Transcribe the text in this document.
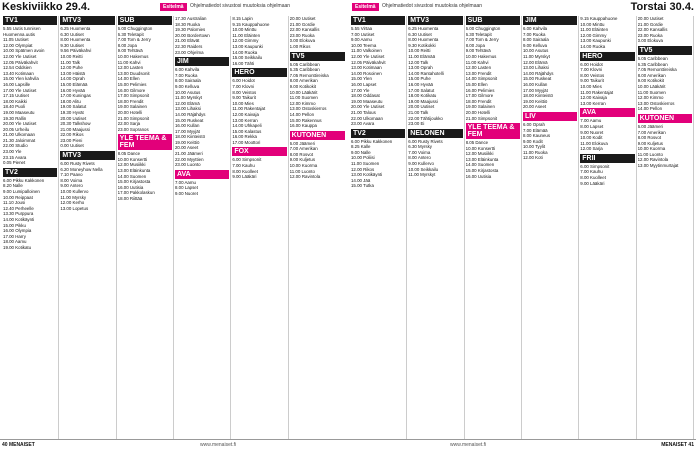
Keskiviikko 29.4.	Esitelmä	Ohjelmatiedot sivustosi muutoksia ohjelmaan	Esitelmä	Ohjelmatiedot sivustosi muutoksia ohjelmaan	Torstai 30.4.
TV1
5.55 Uutis tunnisen
Huomenna.uutis
11.05 Uutiset
12.00 Olympiat
10.00 Spätmen avoin
12.00 Yle Uutiset
12.05 Päiväkahvit
12.54 Oddsien
13.40 Kotimaan
15.00 Ylen kahvila
16.00 Lapsille
17.00 Yle Uutiset
17.15 Uutiset
18.00 Kaikki
18.40 Puoli
19.00 Maaseutu
19.30 Rallin
20.00 Yle Uutiset
20.05 Urheilu
21.00 Ulkomaan
21.30 Jaloimmat
22.00 Studio
23.00 Yle
23.15 Avara
0.05 Pienet
TV2
6.00 Pikku Kakkonen
8.20 Nalle
9.00 Lumipalloinen
10.00 Reippaat
11.10 Jousi
12.40 Perheelle
13.30 Purppura
14.00 Kotikäynti
15.00 Pikku
16.00 Olympia
17.00 Harry
18.00 Aamu
19.00 Kotikatu
MTV3
6.25 Huomenta
6.30 Uutiset
8.00 Huomenta
9.30 Uutiset
9.56 Päiväkahvi
10.00 Reitti
11.00 Talk
12.00 Puhe
13.00 Häistä
14.00 Oprah
15.00 Elämää
16.00 Hyvää
17.00 Kuningas
18.00 Alitu
19.00 Salatut
19.30 Hyvät
20.00 Uutiset
20.30 Talkshow
21.00 Maajussi
22.00 Rikos
23.00 Pieni
0.00 Uutiset
MTV3
6.00 Rusty Rivets
6.20 Moneyhow Nella
7.10 Paavo
8.00 Voima
9.00 Antero
10.00 Kullervo
11.00 Myrsky
12.00 Kerho
13.00 Lopetus
SUB
6.00 Chuggington
6.30 Teletapit
7.00 Tom & Jerry
8.00 Jopa
9.00 Tehtävä
10.00 Hakemus
11.00 Kahvi
12.00 Lasten
13.00 Duudsonit
14.00 Ellen
15.00 Pelimies
16.00 Gilmore
17.00 Simpsonit
18.00 Frendit
19.00 Salainen
20.00 Hotelli
21.00 Simpsonit
22.00 Sarja
23.00 Sopranos
YLE TEEMA & FEM
8.05 Dance
10.00 Konsertti
12.00 Musiikki
13.00 Eläinkunta
14.00 Suomen
15.00 Kirjastosta
16.00 Uutisia
17.00 Pakkolaskun
18.00 Riittää
17.30 Australian
18.30 Ruoka
19.30 Palomies
20.00 Bordertown
21.00 Elävät
22.30 Raiders
23.00 Ohjelma
JIM
6.00 Kahvila
7.00 Ruoka
8.00 Sairaala
9.00 Kelluva
10.00 Asutus
11.00 Myrskyt
12.00 Elämä
13.00 Lihaksi
14.00 Räjähdys
15.00 Ruskeat
16.00 Kullan
17.00 Myyjät
18.00 Kiinteistö
19.00 Keittiö
20.00 Aseet
21.00 Jäämeri
22.00 Myyttien
23.00 Luonto
AVA
7.00 Aamu
8.00 Lapset
9.00 Nuoret
8.15 Lapin
9.15 Kauppahuone
10.00 Minttu
11.00 Eläinten
12.00 Gimmy
13.00 Kaupunki
14.00 Ruoka
15.00 Seikkailu
16.00 Tähti
HERO
6.00 Hoidot
7.00 Klovni
8.00 Veistos
9.00 Taikurit
10.00 Mies
11.00 Rakentajat
12.00 Kaivaja
13.00 Kerran
14.00 Uhkapeli
15.00 Kalastus
16.00 Rekka
17.00 Moottori
FOX
6.00 Simpsonit
7.00 Kauhu
8.00 Kuolleet
9.00 Lääkäri
20.00 Uutiset
21.00 Gordie
22.00 Kansallis
23.00 Ruoka
0.00 Elokuva
1.00 Rikos
TV5
6.05 Caribbean
6.35 Caribbean
7.05 Remonttireiska
8.00 Amerikan
9.00 Kotikokit
10.00 Lääkärit
11.00 Suomen
12.00 Kimmo
13.00 Ostoskierros
14.00 Pellon
15.00 Rakennus
16.00 Kauppa
KUTONEN
6.00 Jäämeri
7.00 Amerikan
8.00 Rosvot
9.00 Kuljetus
10.00 Kuorma
11.00 Luonto
12.00 Ravintola
TV1
5.55 Virtaa
7.00 Uutiset
9.00 Aamu
10.00 Teema
11.00 Valkoinen
12.00 Yle Uutiset
12.05 Päiväkahvit
13.00 Kotimaan
14.00 Rosoinen
15.00 Ylen
16.00 Lapset
17.00 Yle
18.00 Oddasat
19.00 Maaseutu
20.00 Yle Uutiset
21.00 Talous
22.00 Ulkomaan
23.00 Avara
TV2
6.00 Pikku Kakkonen
8.25 Kalle
9.00 Nalle
10.00 Poliisi
11.00 Suomen
12.00 Rikos
13.00 Kotikäynti
14.00 Jää
15.00 Tutka
MTV3
6.25 Huomenta
6.30 Uutiset
8.00 Huomenta
9.30 Kotikokki
10.00 Reitti
11.00 Elämää
12.00 Talk
13.00 Oprah
14.00 Rantahotelli
15.00 Puhe
16.00 Hyvää
17.00 Salatut
18.00 Kotikatu
19.00 Maajussi
20.00 Uutiset
21.00 Talk
22.00 Tähtijoukko
23.00 Ei
NELONEN
6.00 Rusty Rivets
6.30 Myrsky
7.00 Voima
8.00 Antero
9.00 Kullervo
10.00 Seikkailu
11.00 Myrskyt
SUB
6.00 Chuggington
6.30 Teletapit
7.00 Tom & Jerry
8.00 Jopa
9.00 Tehtävä
10.00 Hakemus
11.00 Kahvi
12.00 Lasten
13.00 Frendit
14.00 Simpsonit
15.00 Ellen
16.00 Pelimies
17.00 Gilmore
18.00 Frendit
19.00 Salainen
20.00 Hotelli
21.00 Simpsonit
YLE TEEMA & FEM
8.05 Dance
10.00 Konsertti
12.00 Musiikki
13.00 Eläinkunta
14.00 Suomen
15.00 Kirjastosta
16.00 Uutisia
JIM
6.00 Kahvila
7.00 Ruoka
8.00 Sairaala
9.00 Kelluva
10.00 Asutus
11.00 Myrskyt
12.00 Elämä
13.00 Lihaksi
14.00 Räjähdys
15.00 Ruskeat
16.00 Kullan
17.00 Myyjät
18.00 Kiinteistö
19.00 Keittiö
20.00 Aseet
LIV
6.00 Oprah
7.00 Elämää
8.00 Kauneus
9.00 Kodit
10.00 Tyylit
11.00 Ruoka
12.00 Koti
9.15 Kauppahuone
10.00 Minttu
11.00 Eläinten
12.00 Gimmy
13.00 Kaupunki
14.00 Ruoka
HERO
6.00 Hoidot
7.00 Klovni
8.00 Veistos
9.00 Taikurit
10.00 Mies
11.00 Rakentajat
12.00 Kaivaja
13.00 Kerran
AVA
7.00 Aamu
8.00 Lapset
9.00 Nuoret
10.00 Kodit
11.00 Elokuva
12.00 Sarja
FRII
6.00 Simpsonit
7.00 Kauhu
8.00 Kuolleet
9.00 Lääkäri
20.00 Uutiset
21.00 Gordie
22.00 Kansallis
23.00 Ruoka
0.00 Elokuva
TV5
6.05 Caribbean
6.35 Caribbean
7.05 Remonttireiska
8.00 Amerikan
9.00 Kotikokit
10.00 Lääkärit
11.00 Suomen
12.00 Kimmo
13.00 Ostoskierros
14.00 Pellon
KUTONEN
6.00 Jäämeri
7.00 Amerikan
8.00 Rosvot
9.00 Kuljetus
10.00 Kuorma
11.00 Luonto
12.00 Ravintola
13.00 Myytinmurtajat
40 MENAISET	www.menaiset.fi	www.menaiset.fi	MENAISET 41
